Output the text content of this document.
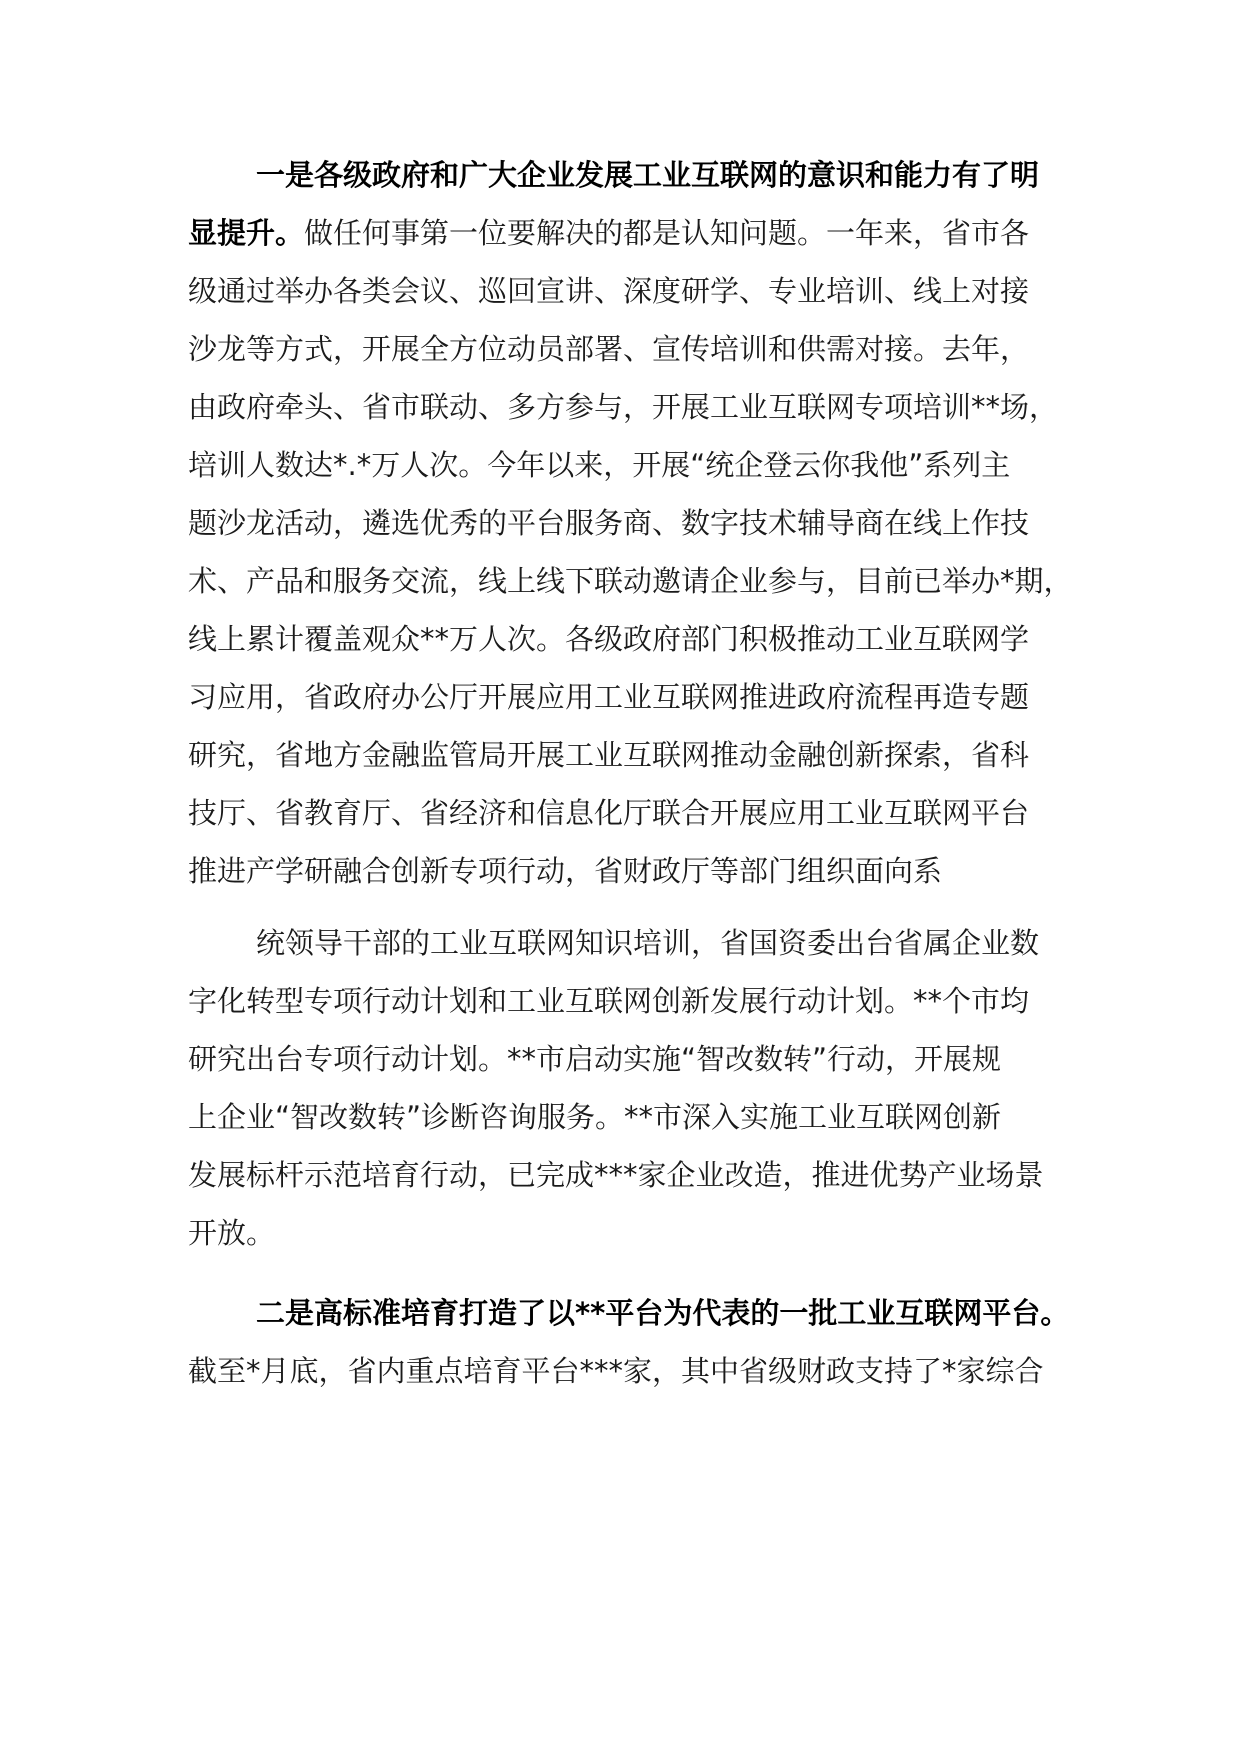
一是各级政府和广大企业发展工业互联网的意识和能力有了明

显提升。做任何事第一位要解决的都是认知问题。一年来，省市各

级通过举办各类会议、巡回宣讲、深度研学、专业培训、线上对接

沙龙等方式，开展全方位动员部署、宣传培训和供需对接。去年，

由政府牵头、省市联动、多方参与，开展工业互联网专项培训**场，

培训人数达*.*万人次。今年以来，开展“统企登云你我他”系列主

题沙龙活动，遴选优秀的平台服务商、数字技术辅导商在线上作技

术、产品和服务交流，线上线下联动邀请企业参与，目前已举办*期，

线上累计覆盖观众**万人次。各级政府部门积极推动工业互联网学

习应用，省政府办公厅开展应用工业互联网推进政府流程再造专题

研究，省地方金融监管局开展工业互联网推动金融创新探索，省科

技厅、省教育厅、省经济和信息化厅联合开展应用工业互联网平台

推进产学研融合创新专项行动，省财政厅等部门组织面向系

统领导干部的工业互联网知识培训，省国资委出台省属企业数

字化转型专项行动计划和工业互联网创新发展行动计划。**个市均

研究出台专项行动计划。**市启动实施“智改数转”行动，开展规

上企业“智改数转”诊断咨询服务。**市深入实施工业互联网创新

发展标杆示范培育行动，已完成***家企业改造，推进优势产业场景

开放。

二是高标准培育打造了以**平台为代表的一批工业互联网平台。

截至*月底，省内重点培育平台***家，其中省级财政支持了*家综合
